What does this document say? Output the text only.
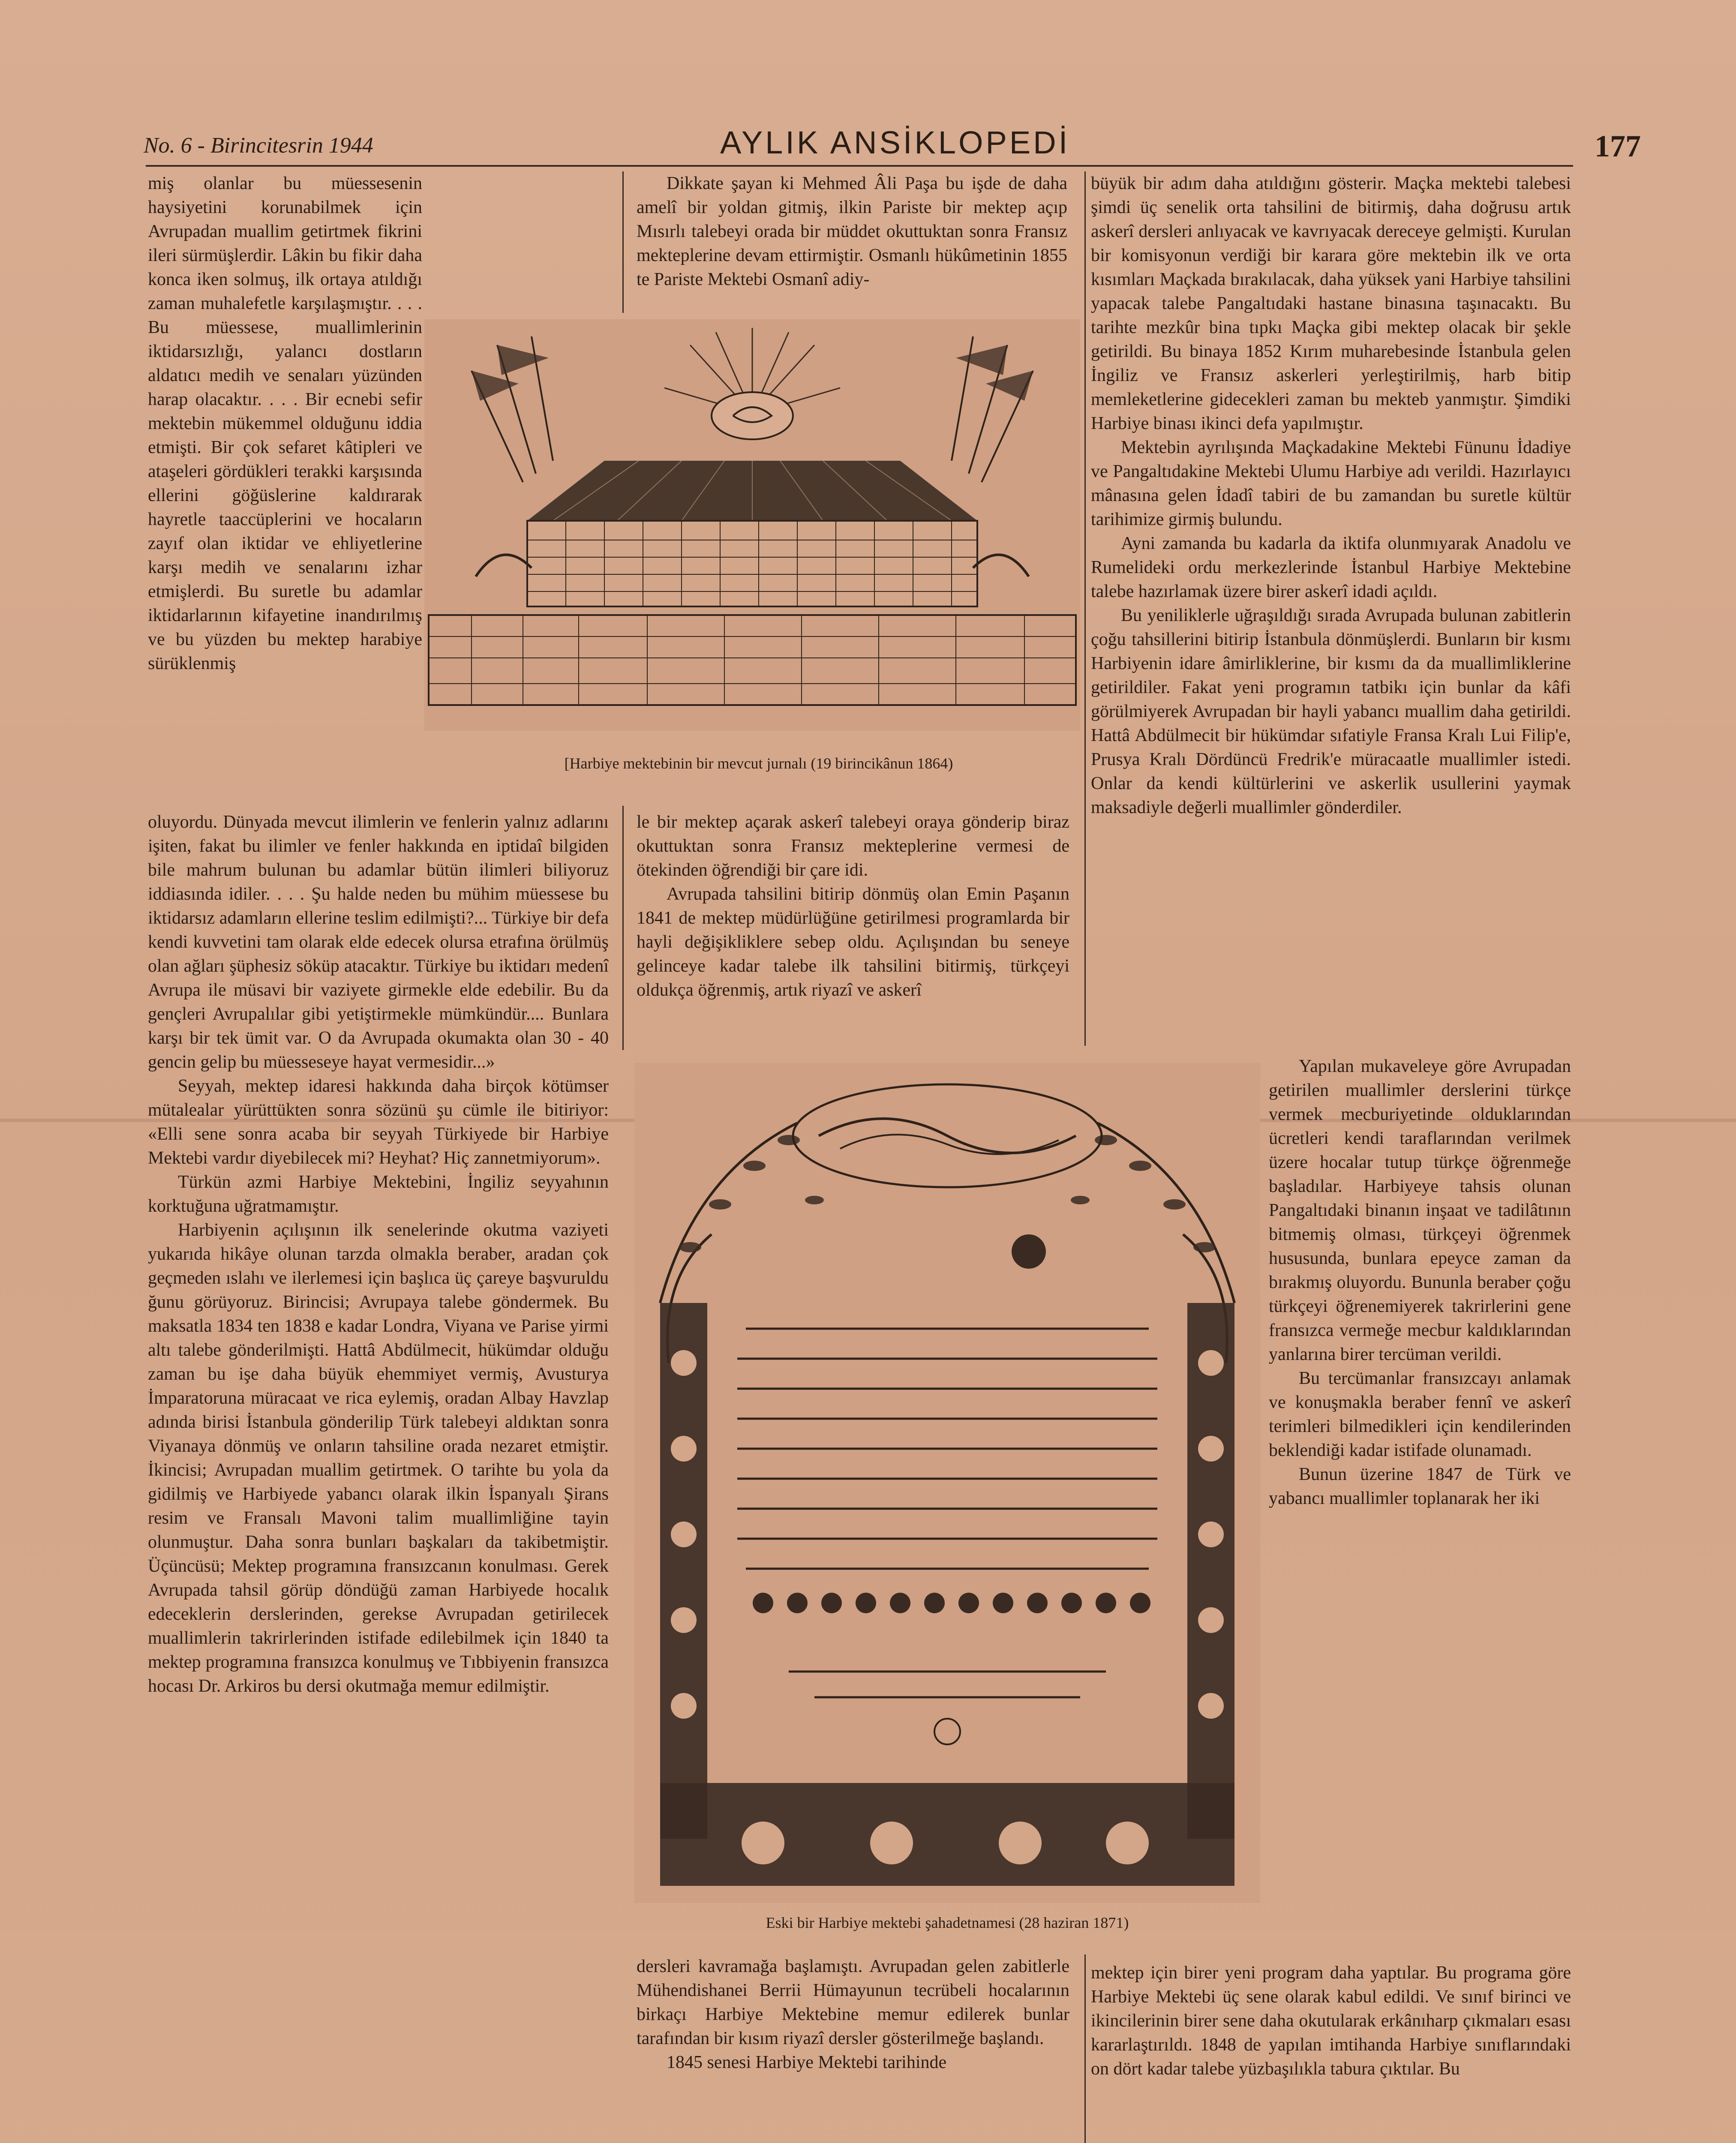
No. 6 - Birincitesrin 1944	AYLIK ANSİKLOPEDİ	177

miş olanlar bu müessesenin haysiyetini korunabilmek için Avrupadan muallim getirtmek fikrini ileri sürmüşlerdir. Lâkin bu fikir daha konca iken solmuş, ilk ortaya atıldığı zaman muhalefetle karşılaşmıştır. . . . Bu müessese, muallimlerinin iktidarsızlığı, yalancı dostların aldatıcı medih ve senaları yüzünden harap olacaktır. . . . Bir ecnebi sefir mektebin mükemmel olduğunu iddia etmişti. Bir çok sefaret kâtipleri ve ataşeleri gördükleri terakki karşısında ellerini göğüslerine kaldırarak hayretle taaccüplerini ve hocaların zayıf olan iktidar ve ehliyetlerine karşı medih ve senalarını izhar etmişlerdi. Bu suretle bu adamlar iktidarlarının kifayetine inandırılmış ve bu yüzden bu mektep harabiye sürüklenmiş

oluyordu. Dünyada mevcut ilimlerin ve fenlerin yalnız adlarını işiten, fakat bu ilimler ve fenler hakkında en iptidaî bilgiden bile mahrum bulunan bu adamlar bütün ilimleri biliyoruz iddiasında idiler. . . . Şu halde neden bu mühim müessese bu iktidarsız adamların ellerine teslim edilmişti?... Türkiye bir defa kendi kuvvetini tam olarak elde edecek olursa etrafına örülmüş olan ağları şüphesiz söküp atacaktır. Türkiye bu iktidarı medenî Avrupa ile müsavi bir vaziyete girmekle elde edebilir. Bu da gençleri Avrupalılar gibi yetiştirmekle mümkündür.... Bunlara karşı bir tek ümit var. O da Avrupada okumakta olan 30 - 40 gencin gelip bu müesseseye hayat vermesidir...»

Seyyah, mektep idaresi hakkında daha birçok kötümser mütalealar yürüttükten sonra sözünü şu cümle ile bitiriyor: «Elli sene sonra acaba bir seyyah Türkiyede bir Harbiye Mektebi vardır diyebilecek mi? Heyhat? Hiç zannetmiyorum».

Türkün azmi Harbiye Mektebini, İngiliz seyyahının korktuğuna uğratmamıştır.

Harbiyenin açılışının ilk senelerinde okutma vaziyeti yukarıda hikâye olunan tarzda olmakla beraber, aradan çok geçmeden ıslahı ve ilerlemesi için başlıca üç çareye başvuruldu ğunu görüyoruz. Birincisi; Avrupaya talebe göndermek. Bu maksatla 1834 ten 1838 e kadar Londra, Viyana ve Parise yirmi altı talebe gönderilmişti. Hattâ Abdülmecit, hükümdar olduğu zaman bu işe daha büyük ehemmiyet vermiş, Avusturya İmparatoruna müracaat ve rica eylemiş, oradan Albay Havzlap adında birisi İstanbula gönderilip Türk talebeyi aldıktan sonra Viyanaya dönmüş ve onların tahsiline orada nezaret etmiştir. İkincisi; Avrupadan muallim getirtmek. O tarihte bu yola da gidilmiş ve Harbiyede yabancı olarak ilkin İspanyalı Şirans resim ve Fransalı Mavoni talim muallimliğine tayin olunmuştur. Daha sonra bunları başkaları da takibetmiştir. Üçüncüsü; Mektep programına fransızcanın konulması. Gerek Avrupada tahsil görüp döndüğü zaman Harbiyede hocalık edeceklerin derslerinden, gerekse Avrupadan getirilecek muallimlerin takrirlerinden istifade edilebilmek için 1840 ta mektep programına fransızca konulmuş ve Tıbbiyenin fransızca hocası Dr. Arkiros bu dersi okutmağa memur edilmiştir.

Dikkate şayan ki Mehmed Âli Paşa bu işde de daha amelî bir yoldan gitmiş, ilkin Pariste bir mektep açıp Mısırlı talebeyi orada bir müddet okuttuktan sonra Fransız mekteplerine devam ettirmiştir. Osmanlı hükûmetinin 1855 te Pariste Mektebi Osmanî adiy-

[Harbiye mektebinin bir mevcut jurnalı (19 birincikânun 1864)

le bir mektep açarak askerî talebeyi oraya gönderip biraz okuttuktan sonra Fransız mekteplerine vermesi de ötekinden öğrendiği bir çare idi.

Avrupada tahsilini bitirip dönmüş olan Emin Paşanın 1841 de mektep müdürlüğüne getirilmesi programlarda bir hayli değişikliklere sebep oldu. Açılışından bu seneye gelinceye kadar talebe ilk tahsilini bitirmiş, türkçeyi oldukça öğrenmiş, artık riyazî ve askerî

Eski bir Harbiye mektebi şahadetnamesi (28 haziran 1871)

dersleri kavramağa başlamıştı. Avrupadan gelen zabitlerle Mühendishanei Berrii Hümayunun tecrübeli hocalarının birkaçı Harbiye Mektebine memur edilerek bunlar tarafından bir kısım riyazî dersler gösterilmeğe başlandı.

1845 senesi Harbiye Mektebi tarihinde

büyük bir adım daha atıldığını gösterir. Maçka mektebi talebesi şimdi üç senelik orta tahsilini de bitirmiş, daha doğrusu artık askerî dersleri anlıyacak ve kavrıyacak dereceye gelmişti. Kurulan bir komisyonun verdiği bir karara göre mektebin ilk ve orta kısımları Maçkada bırakılacak, daha yüksek yani Harbiye tahsilini yapacak talebe Pangaltıdaki hastane binasına taşınacaktı. Bu tarihte mezkûr bina tıpkı Maçka gibi mektep olacak bir şekle getirildi. Bu binaya 1852 Kırım muharebesinde İstanbula gelen İngiliz ve Fransız askerleri yerleştirilmiş, harb bitip memleketlerine gidecekleri zaman bu mekteb yanmıştır. Şimdiki Harbiye binası ikinci defa yapılmıştır.

Mektebin ayrılışında Maçkadakine Mektebi Fünunu İdadiye ve Pangaltıdakine Mektebi Ulumu Harbiye adı verildi. Hazırlayıcı mânasına gelen İdadî tabiri de bu zamandan bu suretle kültür tarihimize girmiş bulundu.

Ayni zamanda bu kadarla da iktifa olunmıyarak Anadolu ve Rumelideki ordu merkezlerinde İstanbul Harbiye Mektebine talebe hazırlamak üzere birer askerî idadi açıldı.

Bu yeniliklerle uğraşıldığı sırada Avrupada bulunan zabitlerin çoğu tahsillerini bitirip İstanbula dönmüşlerdi. Bunların bir kısmı Harbiyenin idare âmirliklerine, bir kısmı da da muallimliklerine getirildiler. Fakat yeni programın tatbikı için bunlar da kâfi görülmiyerek Avrupadan bir hayli yabancı muallim daha getirildi. Hattâ Abdülmecit bir hükümdar sıfatiyle Fransa Kralı Lui Filip'e, Prusya Kralı Dördüncü Fredrik'e müracaatle muallimler istedi. Onlar da kendi kültürlerini ve askerlik usullerini yaymak maksadiyle değerli muallimler gönderdiler.

Yapılan mukaveleye göre Avrupadan getirilen muallimler derslerini türkçe vermek mecburiyetinde olduklarından ücretleri kendi taraflarından verilmek üzere hocalar tutup türkçe öğrenmeğe başladılar. Harbiyeye tahsis olunan Pangaltıdaki binanın inşaat ve tadilâtının bitmemiş olması, türkçeyi öğrenmek hususunda, bunlara epeyce zaman da bırakmış oluyordu. Bununla beraber çoğu türkçeyi öğrenemiyerek takrirlerini gene fransızca vermeğe mecbur kaldıklarından yanlarına birer tercüman verildi.

Bu tercümanlar fransızcayı anlamak ve konuşmakla beraber fennî ve askerî terimleri bilmedikleri için kendilerinden beklendiği kadar istifade olunamadı.

Bunun üzerine 1847 de Türk ve yabancı muallimler toplanarak her iki

mektep için birer yeni program daha yaptılar. Bu programa göre Harbiye Mektebi üç sene olarak kabul edildi. Ve sınıf birinci ve ikincilerinin birer sene daha okutularak erkânıharp çıkmaları esası kararlaştırıldı. 1848 de yapılan imtihanda Harbiye sınıflarındaki on dört kadar talebe yüzbaşılıkla tabura çıktılar. Bu
